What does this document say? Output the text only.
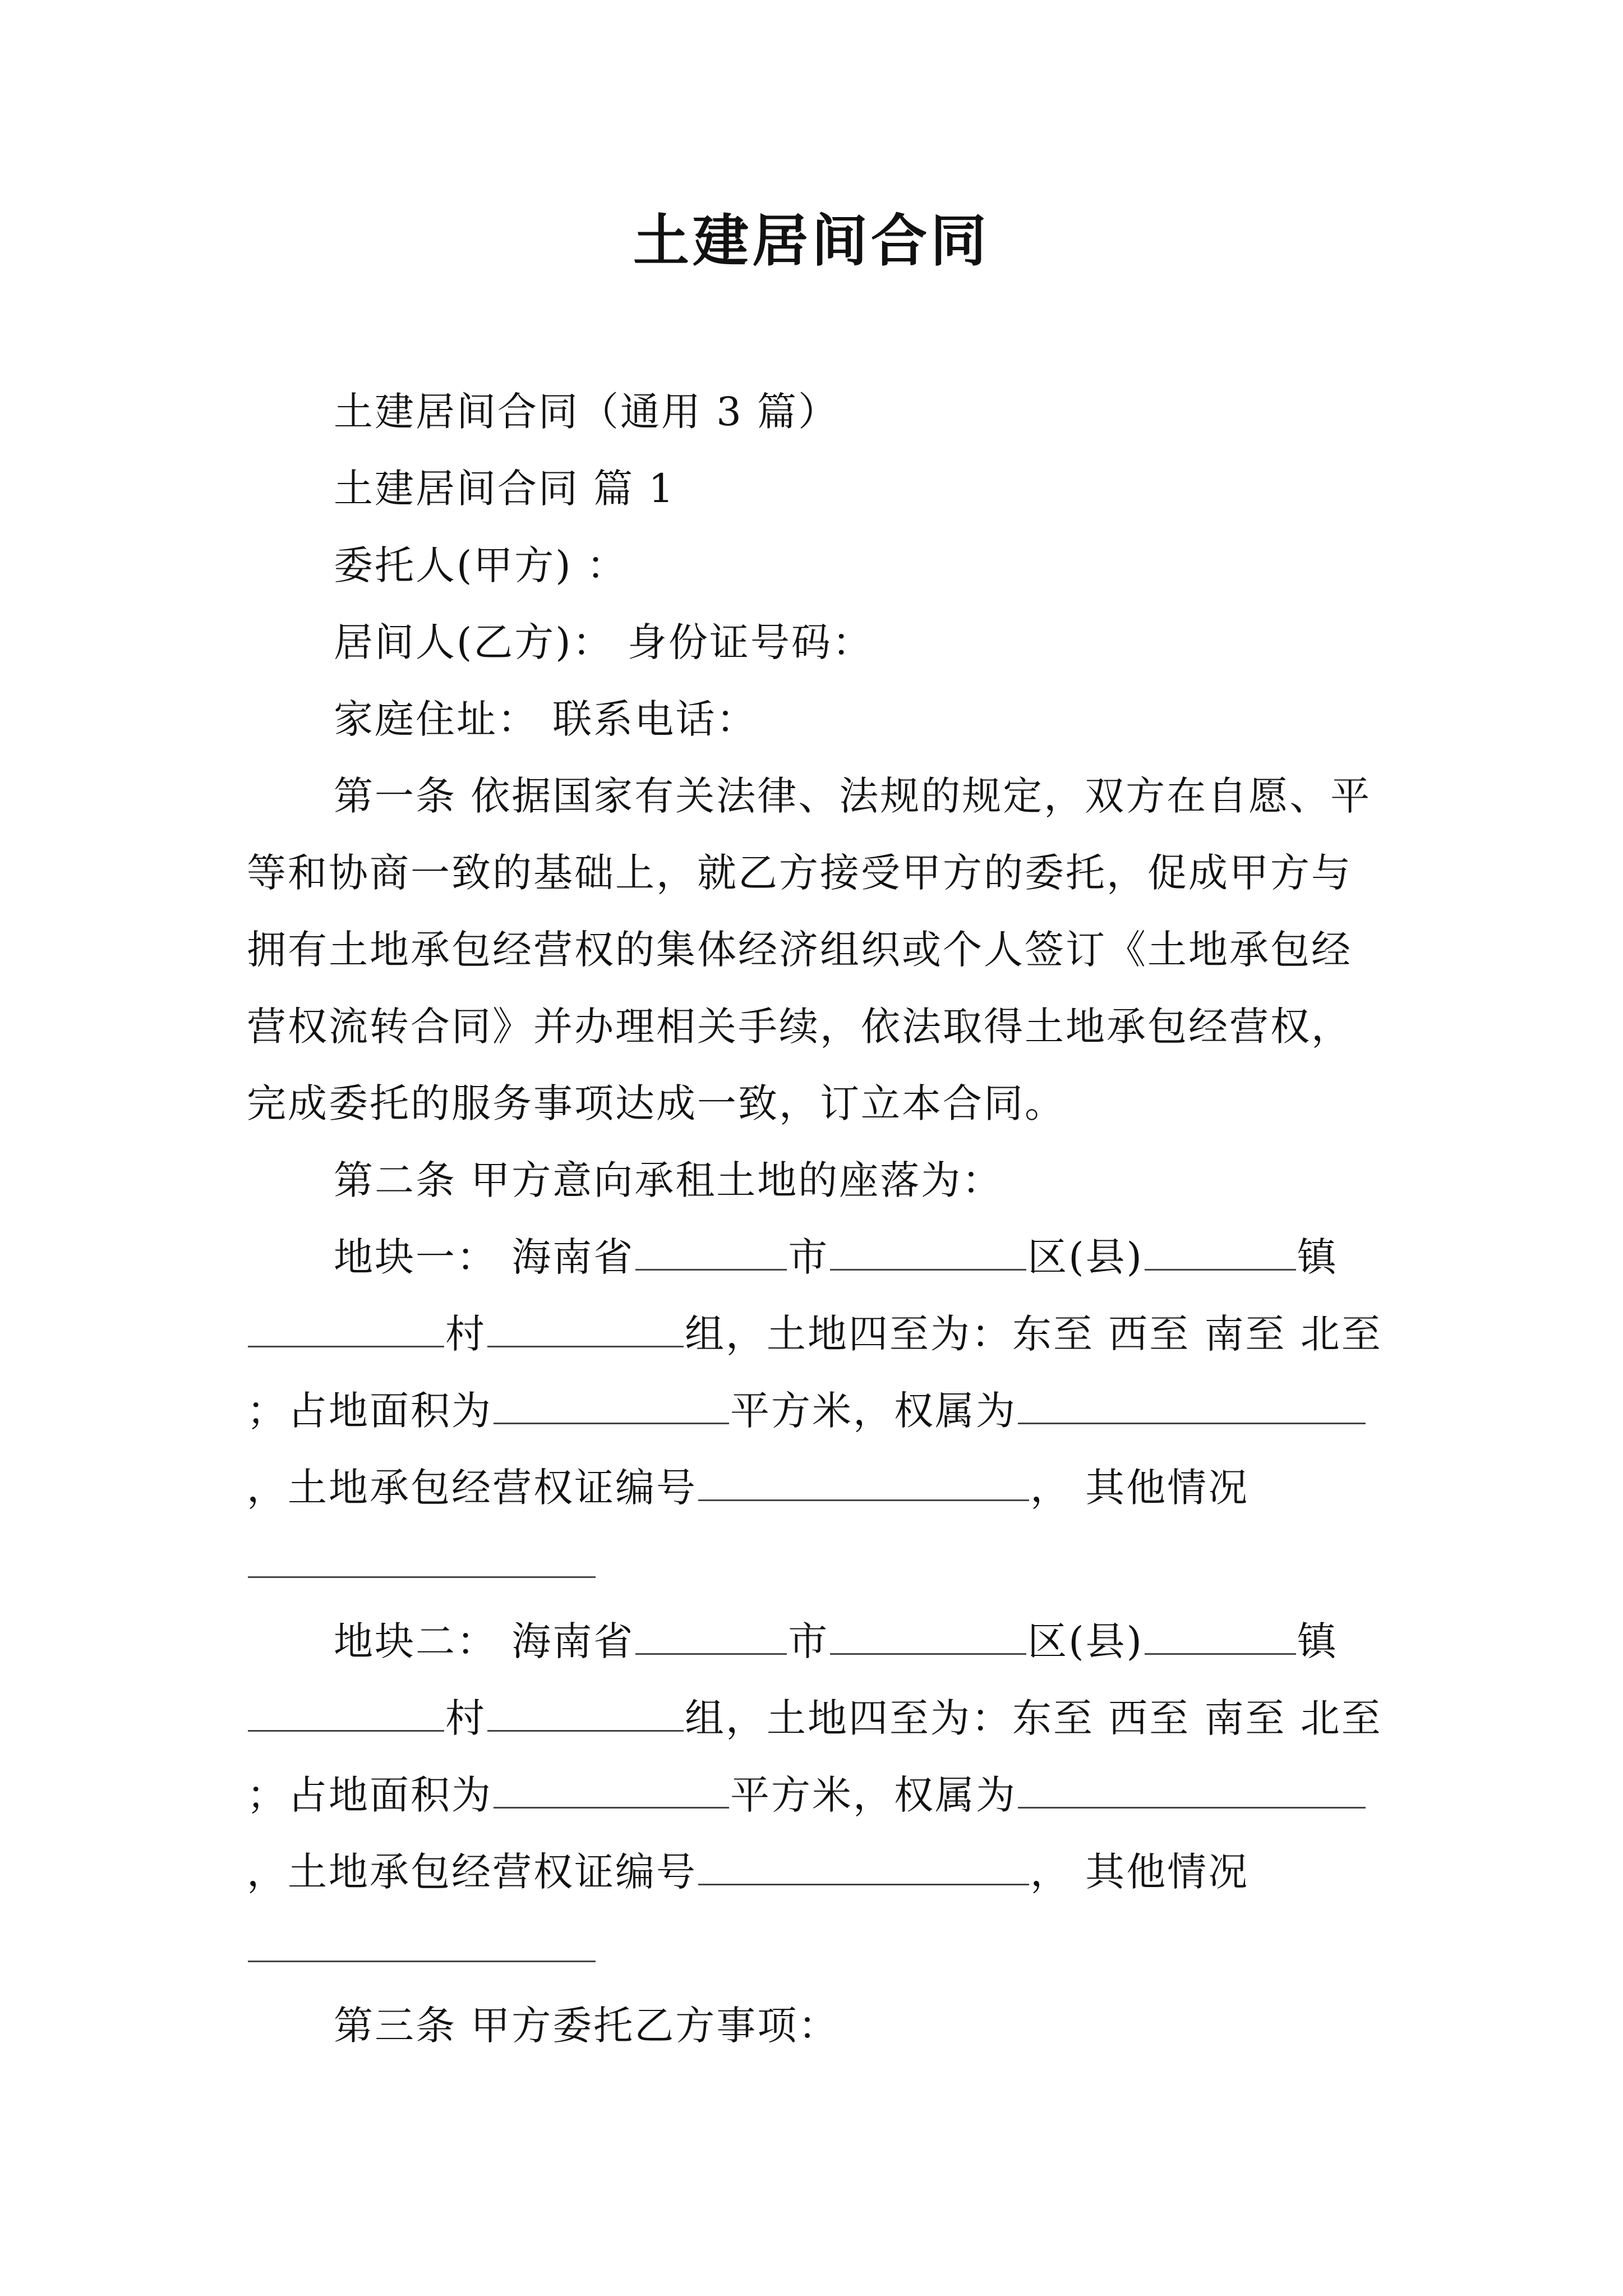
土建居间合同

土建居间合同（通用 3 篇）

土建居间合同 篇 1

委托人(甲方) ：

居间人(乙方)： 身份证号码：

家庭住址： 联系电话：

第一条 依据国家有关法律、法规的规定，双方在自愿、平等和协商一致的基础上，就乙方接受甲方的委托，促成甲方与拥有土地承包经营权的集体经济组织或个人签订《土地承包经营权流转合同》并办理相关手续，依法取得土地承包经营权，完成委托的服务事项达成一致，订立本合同。

第二条 甲方意向承租土地的座落为：

地块一： 海南省	市	区(县)	镇村	组，土地四至为：东至 西至 南至 北至 ；占地面积为	平方米，权属为，土地承包经营权证编号	， 其他情况

地块二： 海南省	市	区(县)	镇村	组，土地四至为：东至 西至 南至 北至 ；占地面积为	平方米，权属为，土地承包经营权证编号	， 其他情况

第三条 甲方委托乙方事项：
